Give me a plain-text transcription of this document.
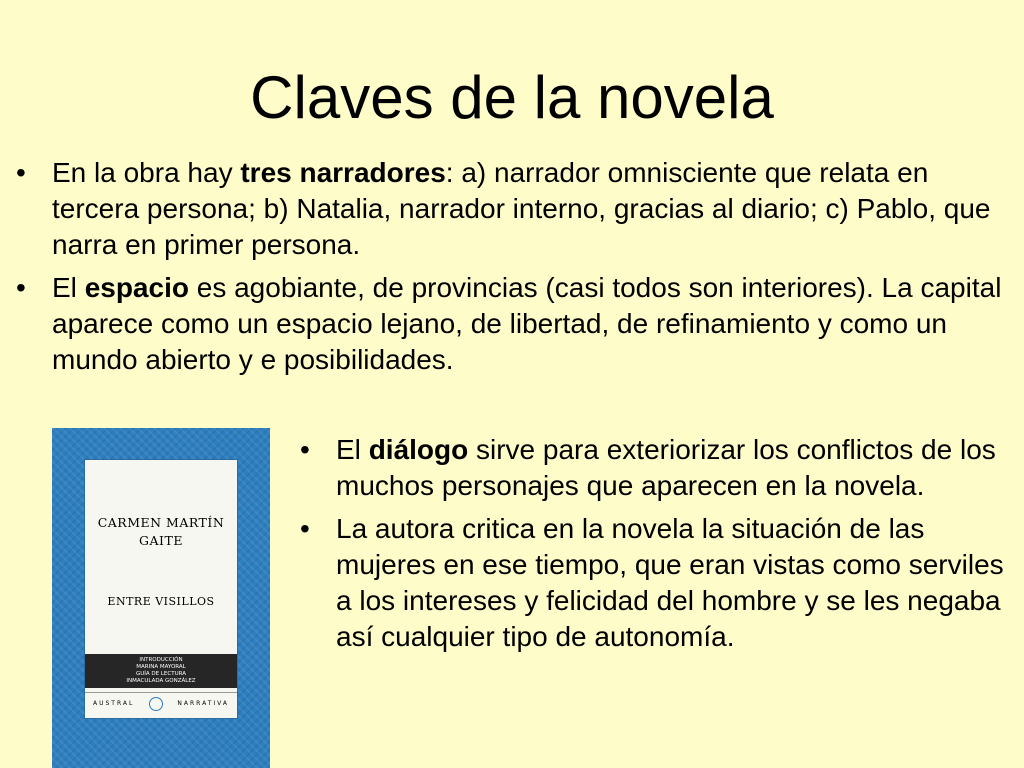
Claves de la novela
• En la obra hay tres narradores: a) narrador omnisciente que relata en tercera persona; b) Natalia, narrador interno, gracias al diario; c) Pablo, que narra en primer persona.
• El espacio es agobiante, de provincias (casi todos son interiores). La capital aparece como un espacio lejano, de libertad, de refinamiento y como un mundo abierto y e posibilidades.
CARMEN MARTÍN
GAITE
ENTRE VISILLOS
INTRODUCCIÓN
MARINA MAYORAL
GUÍA DE LECTURA
INMACULADA GONZÁLEZ
AUSTRAL	NARRATIVA
• El diálogo sirve para exteriorizar los conflictos de los muchos personajes que aparecen en la novela.
• La autora critica en la novela la situación de las mujeres en ese tiempo, que eran vistas como serviles a los intereses y felicidad del hombre y se les negaba así cualquier tipo de autonomía.
